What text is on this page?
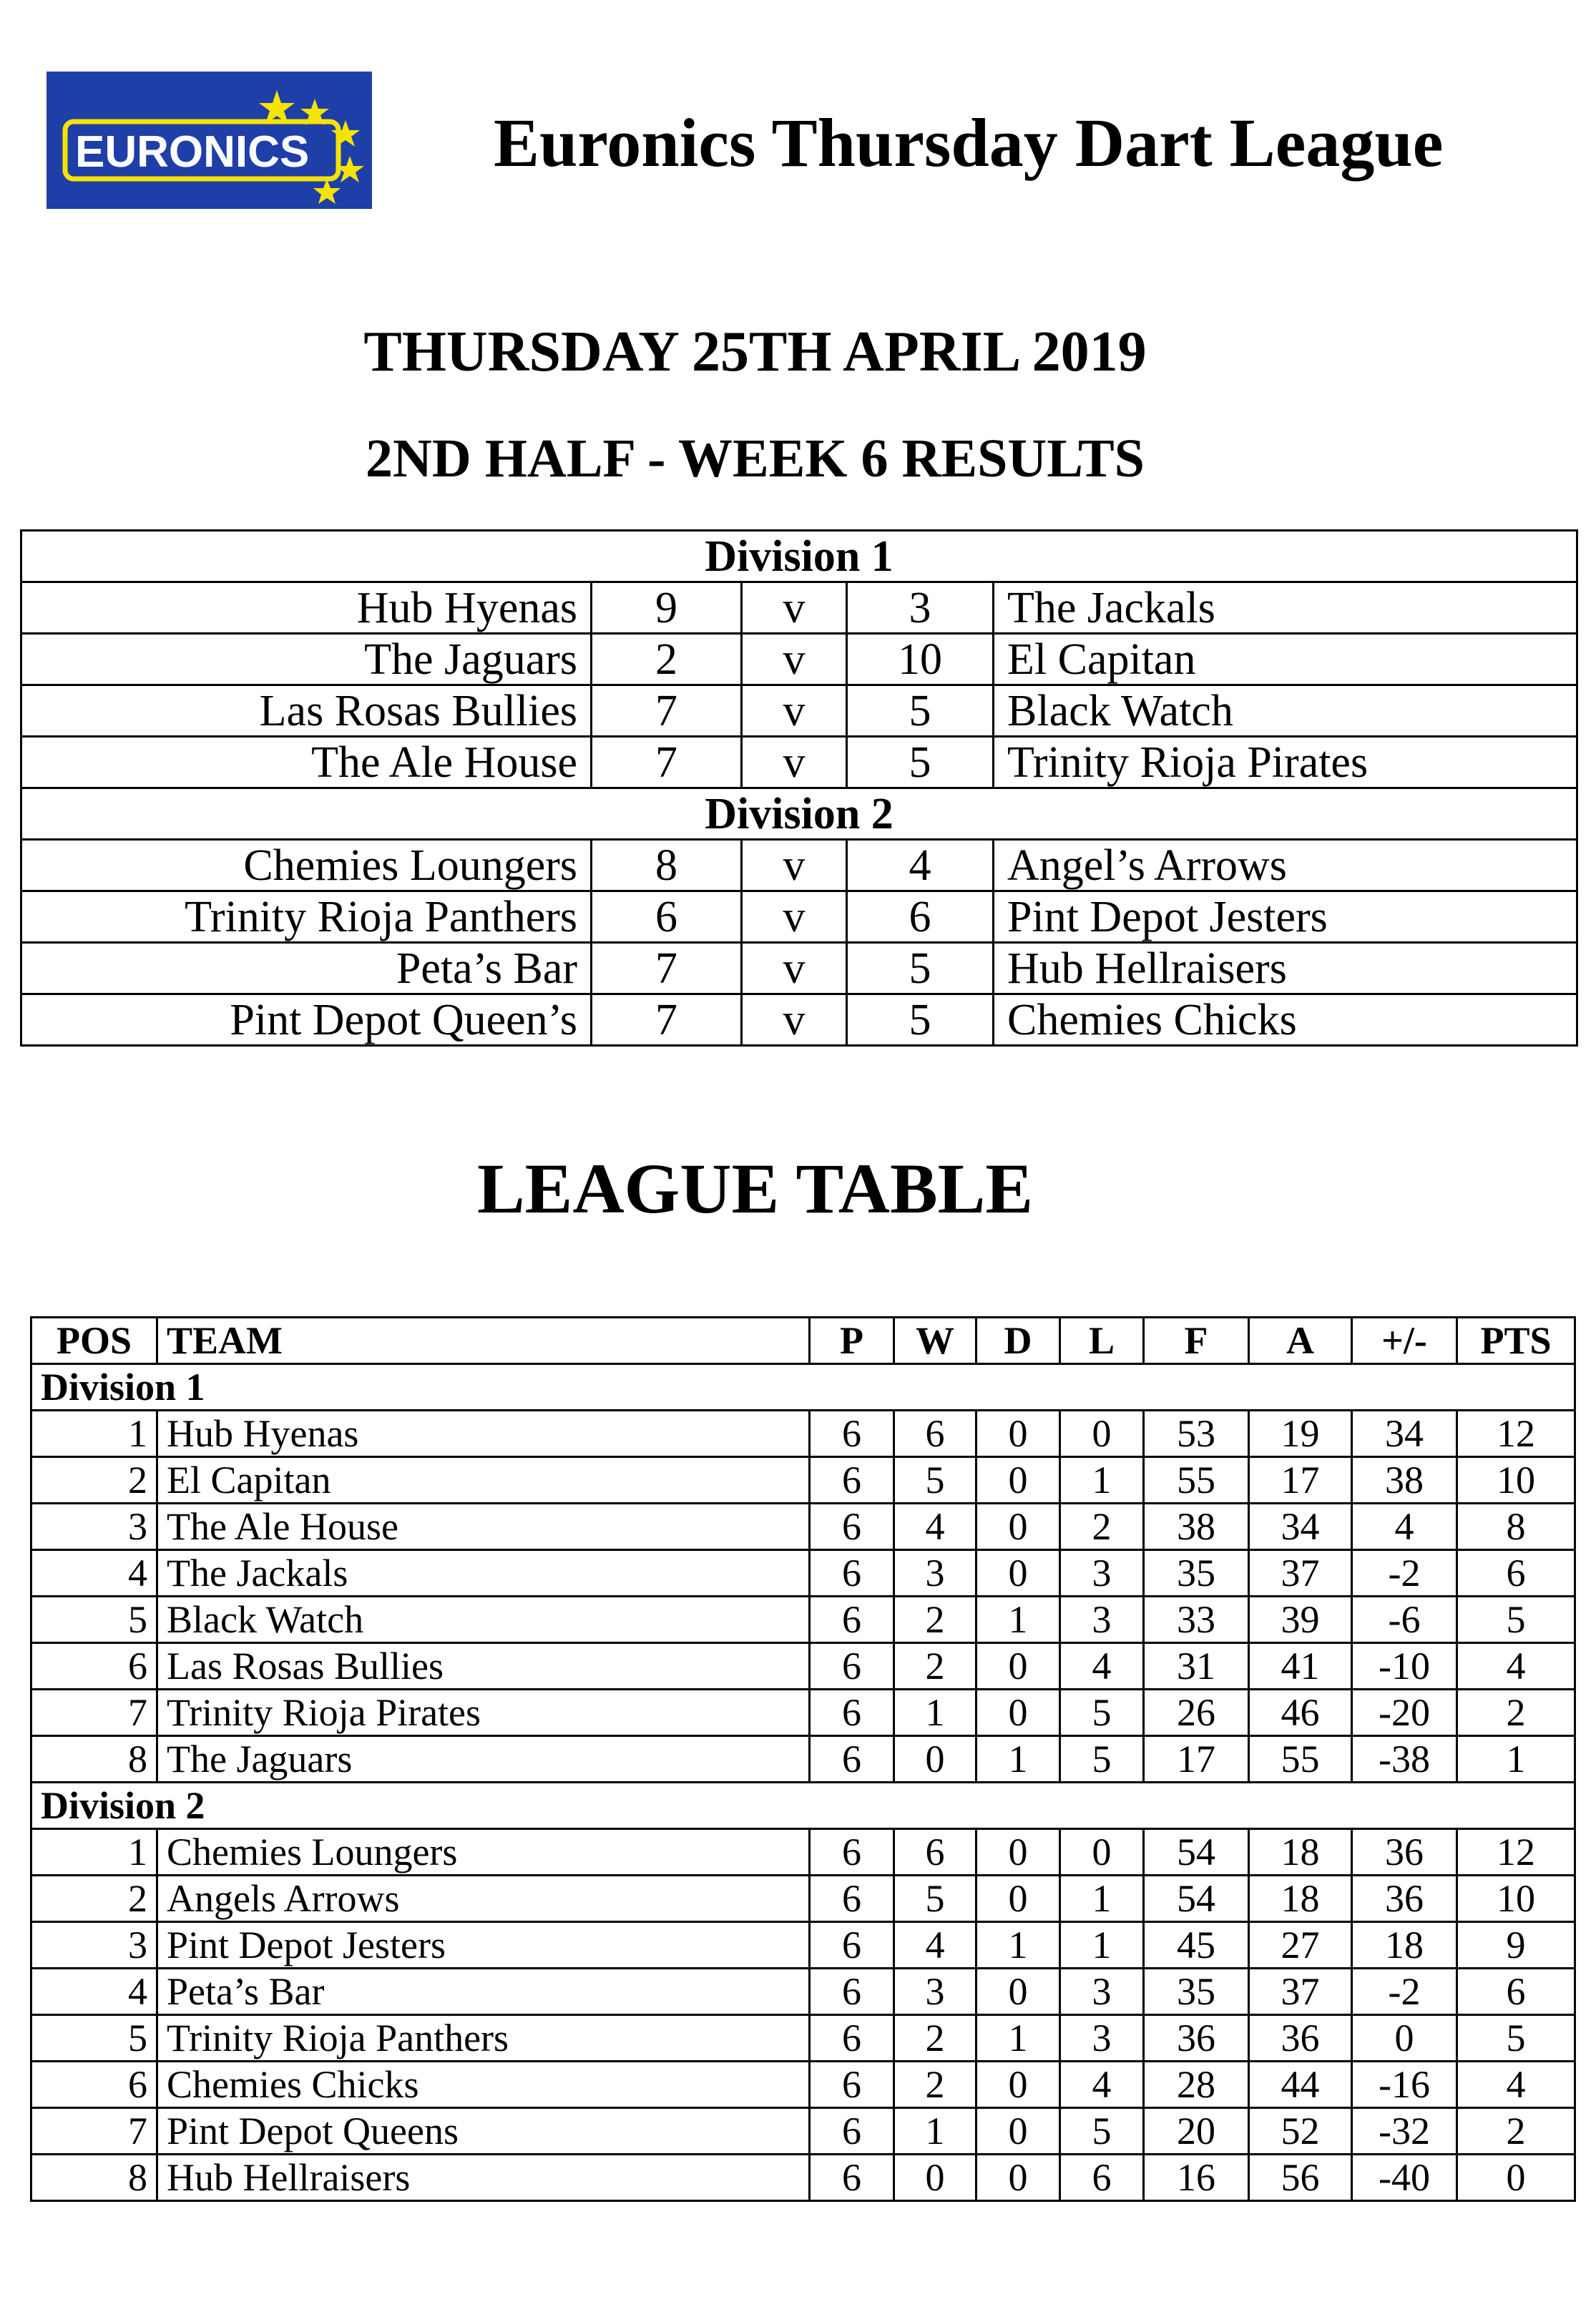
EURONICS	Euronics Thursday Dart League
THURSDAY 25TH APRIL 2019
2ND HALF - WEEK 6 RESULTS
Division 1				
Hub Hyenas	9	v	3	The Jackals
The Jaguars	2	v	10	El Capitan
Las Rosas Bullies	7	v	5	Black Watch
The Ale House	7	v	5	Trinity Rioja Pirates
Division 2				
Chemies Loungers	8	v	4	Angel’s Arrows
Trinity Rioja Panthers	6	v	6	Pint Depot Jesters
Peta’s Bar	7	v	5	Hub Hellraisers
Pint Depot Queen’s	7	v	5	Chemies Chicks
LEAGUE TABLE
POS	TEAM	P	W	D	L	F	A	+/-	PTS
Division 1									
1	Hub Hyenas	6	6	0	0	53	19	34	12
2	El Capitan	6	5	0	1	55	17	38	10
3	The Ale House	6	4	0	2	38	34	4	8
4	The Jackals	6	3	0	3	35	37	-2	6
5	Black Watch	6	2	1	3	33	39	-6	5
6	Las Rosas Bullies	6	2	0	4	31	41	-10	4
7	Trinity Rioja Pirates	6	1	0	5	26	46	-20	2
8	The Jaguars	6	0	1	5	17	55	-38	1
Division 2									
1	Chemies Loungers	6	6	0	0	54	18	36	12
2	Angels Arrows	6	5	0	1	54	18	36	10
3	Pint Depot Jesters	6	4	1	1	45	27	18	9
4	Peta’s Bar	6	3	0	3	35	37	-2	6
5	Trinity Rioja Panthers	6	2	1	3	36	36	0	5
6	Chemies Chicks	6	2	0	4	28	44	-16	4
7	Pint Depot Queens	6	1	0	5	20	52	-32	2
8	Hub Hellraisers	6	0	0	6	16	56	-40	0
